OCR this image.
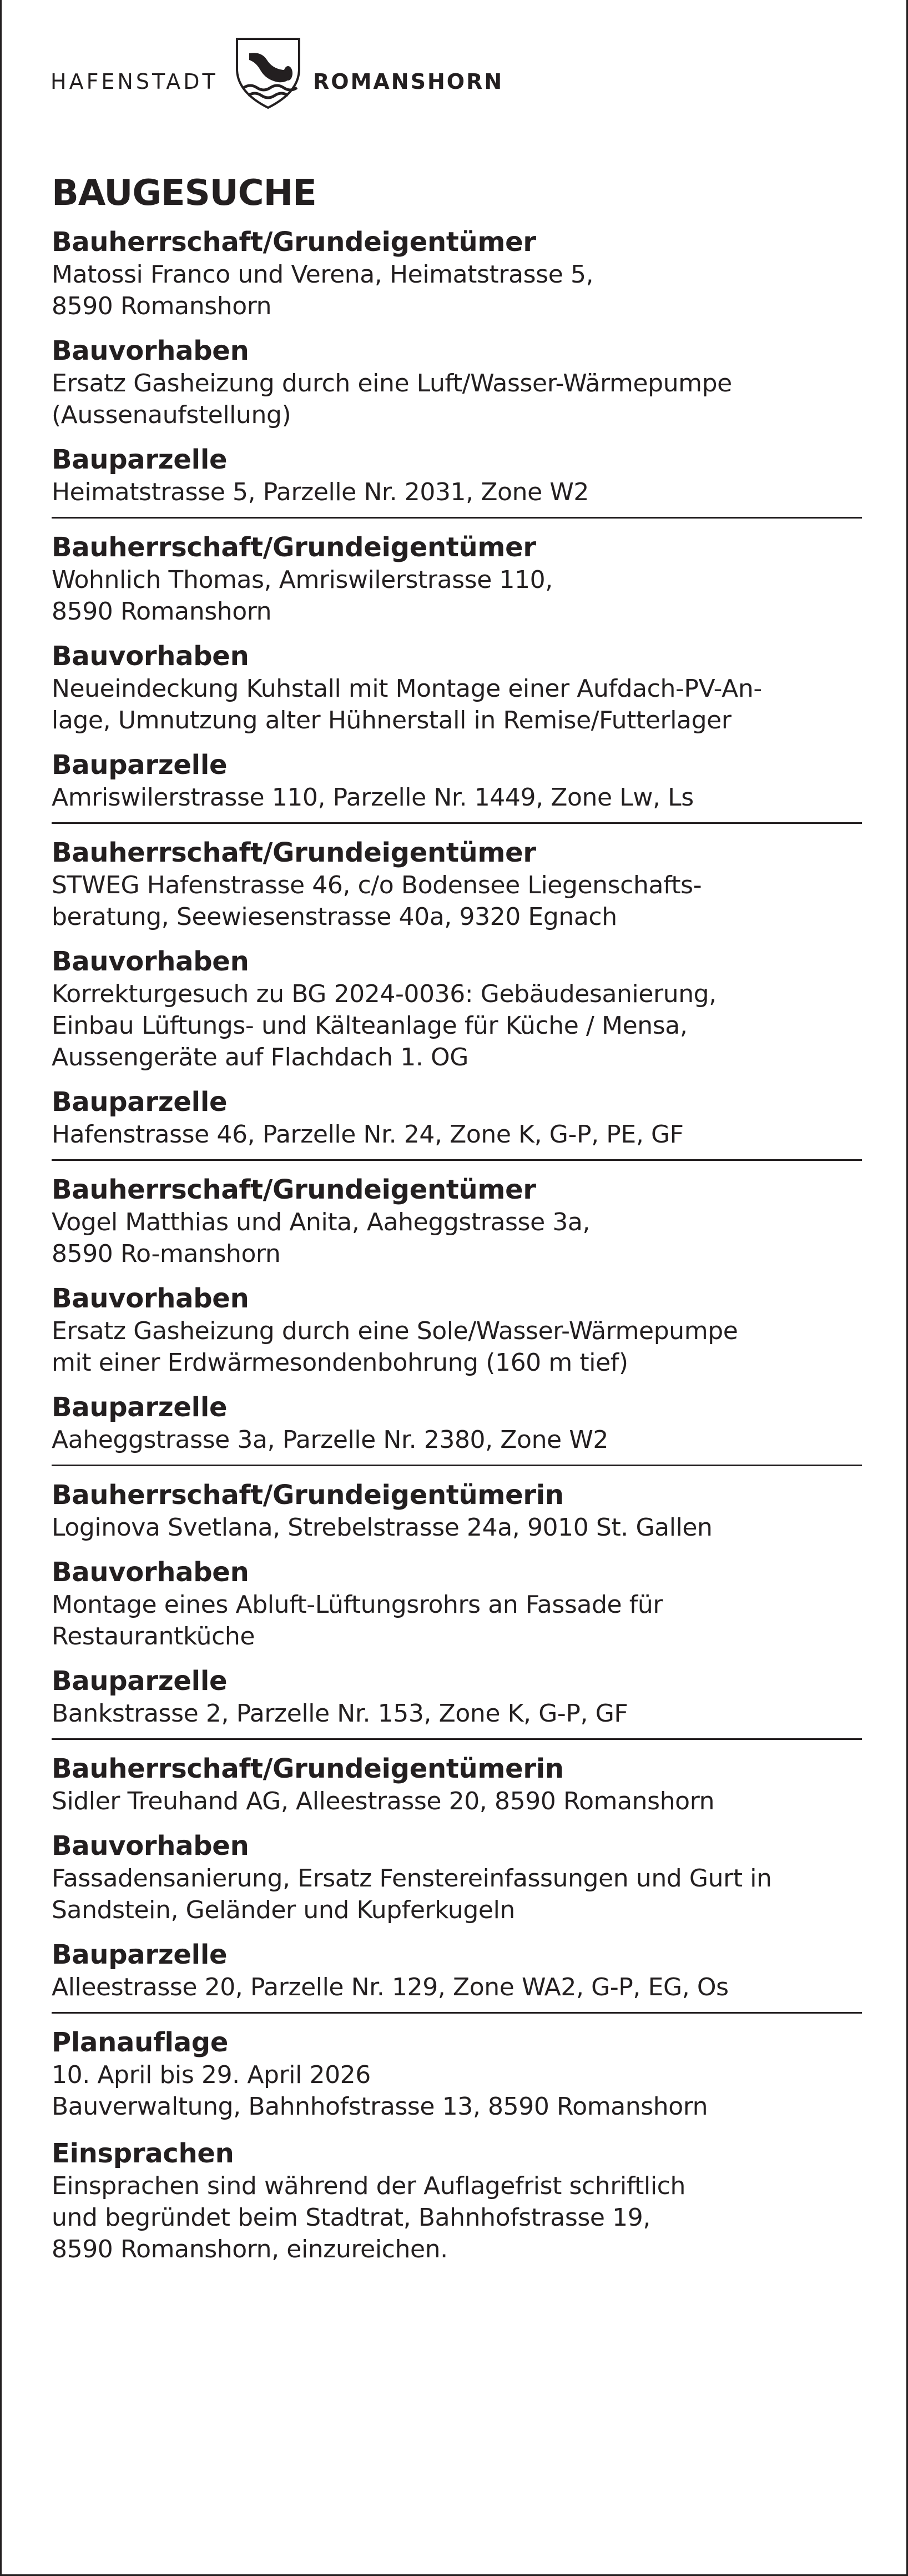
HAFENSTADT	ROMANSHORN
BAUGESUCHE
Bauherrschaft/Grundeigentümer
Matossi Franco und Verena, Heimatstrasse 5,
8590 Romanshorn
Bauvorhaben
Ersatz Gasheizung durch eine Luft/Wasser-Wärmepumpe
(Aussenaufstellung)
Bauparzelle
Heimatstrasse 5, Parzelle Nr. 2031, Zone W2
Bauherrschaft/Grundeigentümer
Wohnlich Thomas, Amriswilerstrasse 110,
8590 Romanshorn
Bauvorhaben
Neueindeckung Kuhstall mit Montage einer Aufdach-PV-An-
lage, Umnutzung alter Hühnerstall in Remise/Futterlager
Bauparzelle
Amriswilerstrasse 110, Parzelle Nr. 1449, Zone Lw, Ls
Bauherrschaft/Grundeigentümer
STWEG Hafenstrasse 46, c/o Bodensee Liegenschafts-
beratung, Seewiesenstrasse 40a, 9320 Egnach
Bauvorhaben
Korrekturgesuch zu BG 2024-0036: Gebäudesanierung,
Einbau Lüftungs- und Kälteanlage für Küche / Mensa,
Aussengeräte auf Flachdach 1. OG
Bauparzelle
Hafenstrasse 46, Parzelle Nr. 24, Zone K, G-P, PE, GF
Bauherrschaft/Grundeigentümer
Vogel Matthias und Anita, Aaheggstrasse 3a,
8590 Ro-manshorn
Bauvorhaben
Ersatz Gasheizung durch eine Sole/Wasser-Wärmepumpe
mit einer Erdwärmesondenbohrung (160 m tief)
Bauparzelle
Aaheggstrasse 3a, Parzelle Nr. 2380, Zone W2
Bauherrschaft/Grundeigentümerin
Loginova Svetlana, Strebelstrasse 24a, 9010 St. Gallen
Bauvorhaben
Montage eines Abluft-Lüftungsrohrs an Fassade für
Restaurantküche
Bauparzelle
Bankstrasse 2, Parzelle Nr. 153, Zone K, G-P, GF
Bauherrschaft/Grundeigentümerin
Sidler Treuhand AG, Alleestrasse 20, 8590 Romanshorn
Bauvorhaben
Fassadensanierung, Ersatz Fenstereinfassungen und Gurt in
Sandstein, Geländer und Kupferkugeln
Bauparzelle
Alleestrasse 20, Parzelle Nr. 129, Zone WA2, G-P, EG, Os
Planauflage
10. April bis 29. April 2026
Bauverwaltung, Bahnhofstrasse 13, 8590 Romanshorn
Einsprachen
Einsprachen sind während der Auflagefrist schriftlich
und begründet beim Stadtrat, Bahnhofstrasse 19,
8590 Romanshorn, einzureichen.
